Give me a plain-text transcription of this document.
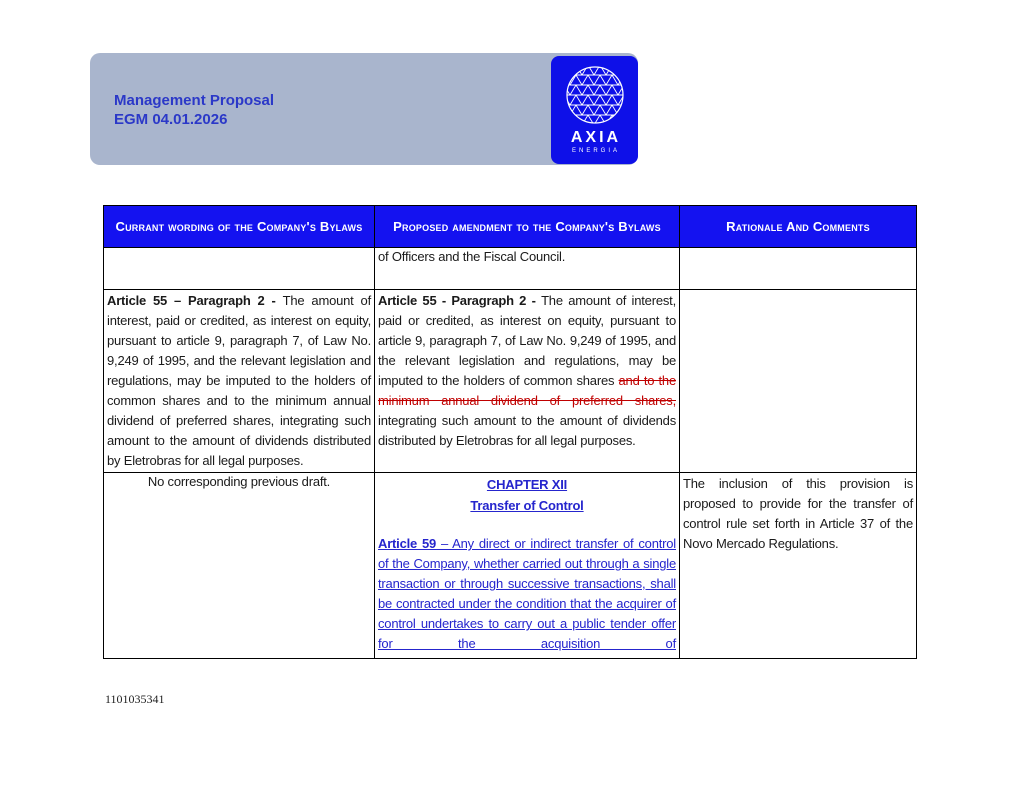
Management Proposal
EGM 04.01.2026
AXIA
ENERGIA
Currant wording of the Company's Bylaws	Proposed amendment to the Company's Bylaws	Rationale And Comments
	of Officers and the Fiscal Council.	
Article 55 – Paragraph 2 - The amount of interest, paid or credited, as interest on equity, pursuant to article 9, paragraph 7, of Law No. 9,249 of 1995, and the relevant legislation and regulations, may be imputed to the holders of common shares and to the minimum annual dividend of preferred shares, integrating such amount to the amount of dividends distributed by Eletrobras for all legal purposes.	Article 55 - Paragraph 2 - The amount of interest, paid or credited, as interest on equity, pursuant to article 9, paragraph 7, of Law No. 9,249 of 1995, and the relevant legislation and regulations, may be imputed to the holders of common shares and to the minimum annual dividend of preferred shares, integrating such amount to the amount of dividends distributed by Eletrobras for all legal purposes.	
No corresponding previous draft.	CHAPTER XII
Transfer of Control
Article 59 – Any direct or indirect transfer of control of the Company, whether carried out through a single transaction or through successive transactions, shall be contracted under the condition that the acquirer of control undertakes to carry out a public tender offer for the acquisition of	The inclusion of this provision is proposed to provide for the transfer of control rule set forth in Article 37 of the Novo Mercado Regulations.
1101035341
